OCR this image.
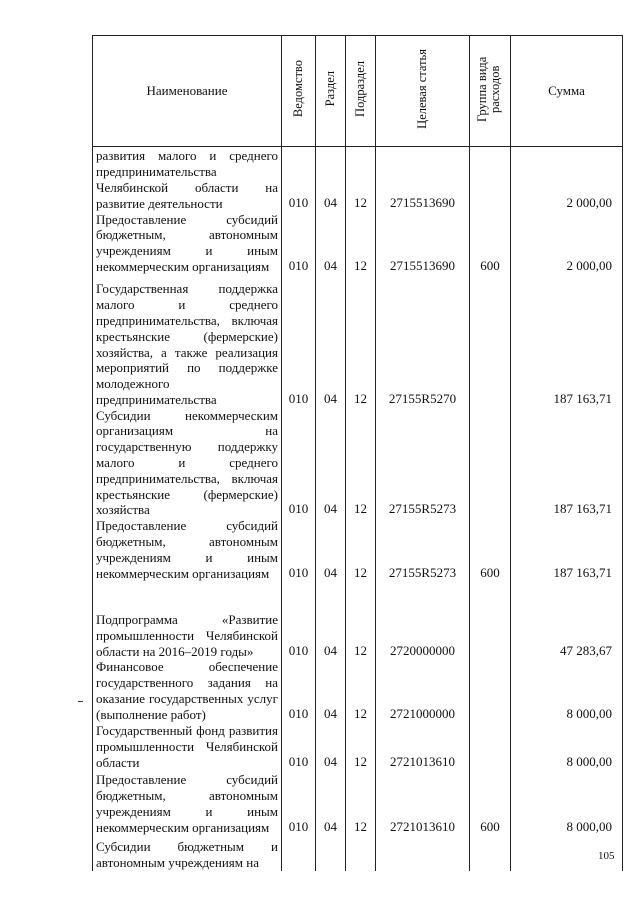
Наименование	Ведомство	Раздел	Подраздел	Целевая статья	Группа вида расходов	Сумма
развития малого и среднего предпринимательства Челябинской области на развитие деятельности	010	04	12	2715513690		2 000,00
Предоставление субсидий бюджетным, автономным учреждениям и иным некоммерческим организациям	010	04	12	2715513690	600	2 000,00
Государственная поддержка малого и среднего предпринимательства, включая крестьянские (фермерские) хозяйства, а также реализация мероприятий по поддержке молодежного предпринимательства	010	04	12	27155R5270		187 163,71
Субсидии некоммерческим организациям на государственную поддержку малого и среднего предпринимательства, включая крестьянские (фермерские) хозяйства	010	04	12	27155R5273		187 163,71
Предоставление субсидий бюджетным, автономным учреждениям и иным некоммерческим организациям	010	04	12	27155R5273	600	187 163,71
Подпрограмма «Развитие промышленности Челябинской области на 2016–2019 годы»	010	04	12	2720000000		47 283,67
Финансовое обеспечение государственного задания на оказание государственных услуг (выполнение работ)	010	04	12	2721000000		8 000,00
Государственный фонд развития промышленности Челябинской области	010	04	12	2721013610		8 000,00
Предоставление субсидий бюджетным, автономным учреждениям и иным некоммерческим организациям	010	04	12	2721013610	600	8 000,00
Субсидии бюджетным и автономным учреждениям на							105
